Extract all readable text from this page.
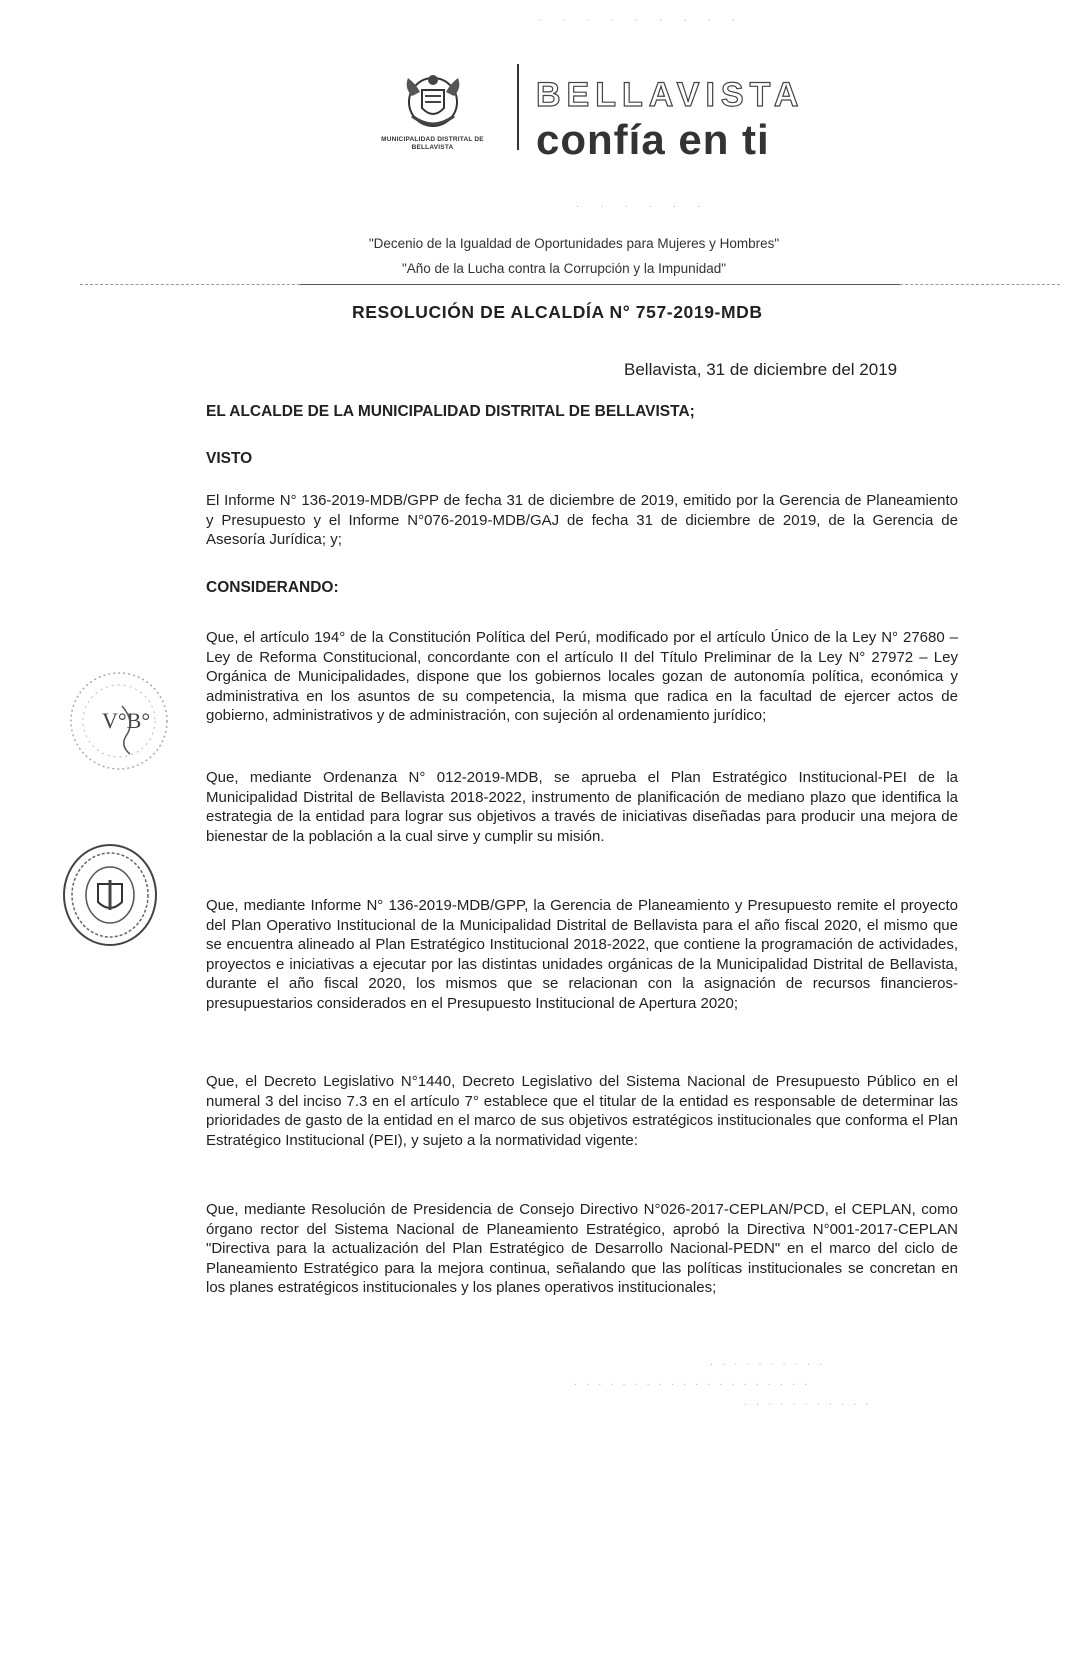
.   .   .   .   .   .   .   .   .
MUNICIPALIDAD DISTRITAL DE BELLAVISTA
BELLAVISTA
confía en ti
.   .   .   .   .   .
"Decenio de la Igualdad de Oportunidades para Mujeres y Hombres"
"Año de la Lucha contra la Corrupción y la Impunidad"
RESOLUCIÓN DE ALCALDÍA N° 757-2019-MDB
Bellavista, 31 de diciembre del 2019
EL ALCALDE DE LA MUNICIPALIDAD DISTRITAL DE BELLAVISTA;
VISTO

El Informe N° 136-2019-MDB/GPP de fecha 31 de diciembre de 2019, emitido por la Gerencia de Planeamiento y Presupuesto y el Informe N°076-2019-MDB/GAJ de fecha 31 de diciembre de 2019, de la Gerencia de Asesoría Jurídica; y;

CONSIDERANDO:

Que, el artículo 194° de la Constitución Política del Perú, modificado por el artículo Único de la Ley N° 27680 – Ley de Reforma Constitucional, concordante con el artículo II del Título Preliminar de la Ley N° 27972 – Ley Orgánica de Municipalidades, dispone que los gobiernos locales gozan de autonomía política, económica y administrativa en los asuntos de su competencia, la misma que radica en la facultad de ejercer actos de gobierno, administrativos y de administración, con sujeción al ordenamiento jurídico;

Que, mediante Ordenanza N° 012-2019-MDB, se aprueba el Plan Estratégico Institucional-PEI de la Municipalidad Distrital de Bellavista 2018-2022, instrumento de planificación de mediano plazo que identifica la estrategia de la entidad para lograr sus objetivos a través de iniciativas diseñadas para producir una mejora de bienestar de la población a la cual sirve y cumplir su misión.

Que, mediante Informe N° 136-2019-MDB/GPP, la Gerencia de Planeamiento y Presupuesto remite el proyecto del Plan Operativo Institucional de la Municipalidad Distrital de Bellavista para el año fiscal 2020, el mismo que se encuentra alineado al Plan Estratégico Institucional 2018-2022, que contiene la programación de actividades, proyectos e iniciativas a ejecutar por las distintas unidades orgánicas de la Municipalidad Distrital de Bellavista, durante el año fiscal 2020, los mismos que se relacionan con la asignación de recursos financieros-presupuestarios considerados en el Presupuesto Institucional de Apertura 2020;

Que, el Decreto Legislativo N°1440, Decreto Legislativo del Sistema Nacional de Presupuesto Público en el numeral 3 del inciso 7.3 en el artículo 7° establece que el titular de la entidad es responsable de determinar las prioridades de gasto de la entidad en el marco de sus objetivos estratégicos institucionales que conforma el Plan Estratégico Institucional (PEI), y sujeto a la normatividad vigente:

Que, mediante Resolución de Presidencia de Consejo Directivo N°026-2017-CEPLAN/PCD, el CEPLAN, como órgano rector del Sistema Nacional de Planeamiento Estratégico, aprobó la Directiva N°001-2017-CEPLAN "Directiva para la actualización del Plan Estratégico de Desarrollo Nacional-PEDN" en el marco del ciclo de Planeamiento Estratégico para la mejora continua, señalando que las políticas institucionales se concretan en los planes estratégicos institucionales y los planes operativos institucionales;

V°B°
. . . . . . . . . .
. . . . . . . . . . . . . . . . . . . .
. . . . . . . . . . .
